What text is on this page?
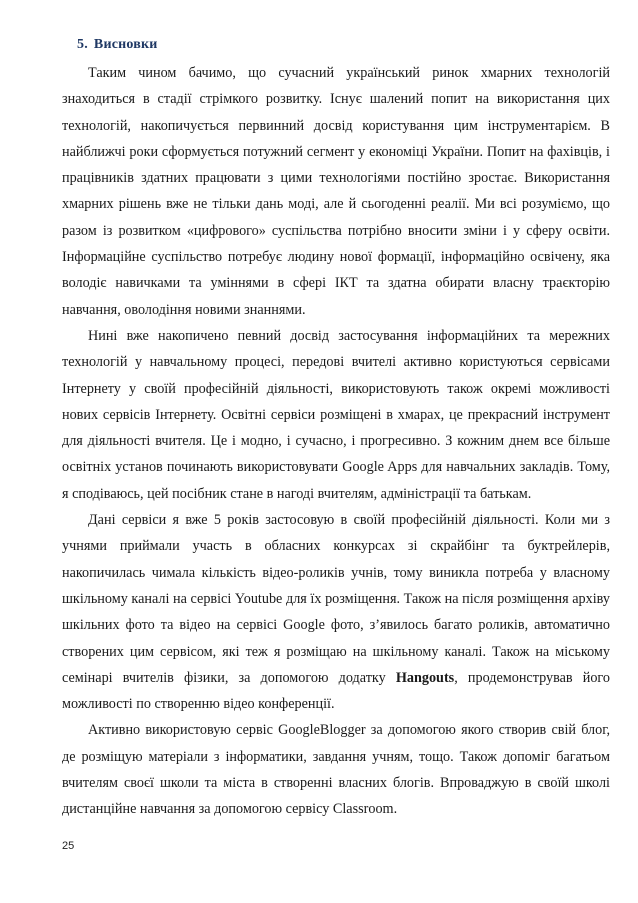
5. Висновки

Таким чином бачимо, що сучасний український ринок хмарних технологій знаходиться в стадії стрімкого розвитку. Існує шалений попит на використання цих технологій, накопичується первинний досвід користування цим інструментарієм. В найближчі роки сформується потужний сегмент у економіці України. Попит на фахівців, і працівників здатних працювати з цими технологіями постійно зростає. Використання хмарних рішень вже не тільки дань моді, але й сьогоденні реалії. Ми всі розуміємо, що разом із розвитком «цифрового» суспільства потрібно вносити зміни і у сферу освіти. Інформаційне суспільство потребує людину нової формації, інформаційно освічену, яка володіє навичками та уміннями в сфері ІКТ та здатна обирати власну траєкторію навчання, оволодіння новими знаннями.

Нині вже накопичено певний досвід застосування інформаційних та мережних технологій у навчальному процесі, передові вчителі активно користуються сервісами Інтернету у своїй професійній діяльності, використовують також окремі можливості нових сервісів Інтернету. Освітні сервіси розміщені в хмарах, це прекрасний інструмент для діяльності вчителя. Це і модно, і сучасно, і прогресивно. З кожним днем все більше освітніх установ починають використовувати Google Apps для навчальних закладів. Тому, я сподіваюсь, цей посібник стане в нагоді вчителям, адміністрації та батькам.

Дані сервіси я вже 5 років застосовую в своїй професійній діяльності. Коли ми з учнями приймали участь в обласних конкурсах зі скрайбінг та буктрейлерів, накопичилась чимала кількість відео-роликів учнів, тому виникла потреба у власному шкільному каналі на сервісі Youtube для їх розміщення. Також на після розміщення архіву шкільних фото та відео на сервісі Google фото, з’явилось багато роликів, автоматично створених цим сервісом, які теж я розміщаю на шкільному каналі. Також на міському семінарі вчителів фізики, за допомогою додатку Hangouts, продемонстрував його можливості по створенню відео конференції.

Активно використовую сервіс GoogleBlogger за допомогою якого створив свій блог, де розміщую матеріали з інформатики, завдання учням, тощо. Також допоміг багатьом вчителям своєї школи та міста в створенні власних блогів. Впроваджую в своїй школі дистанційне навчання за допомогою сервісу Classroom.

25
